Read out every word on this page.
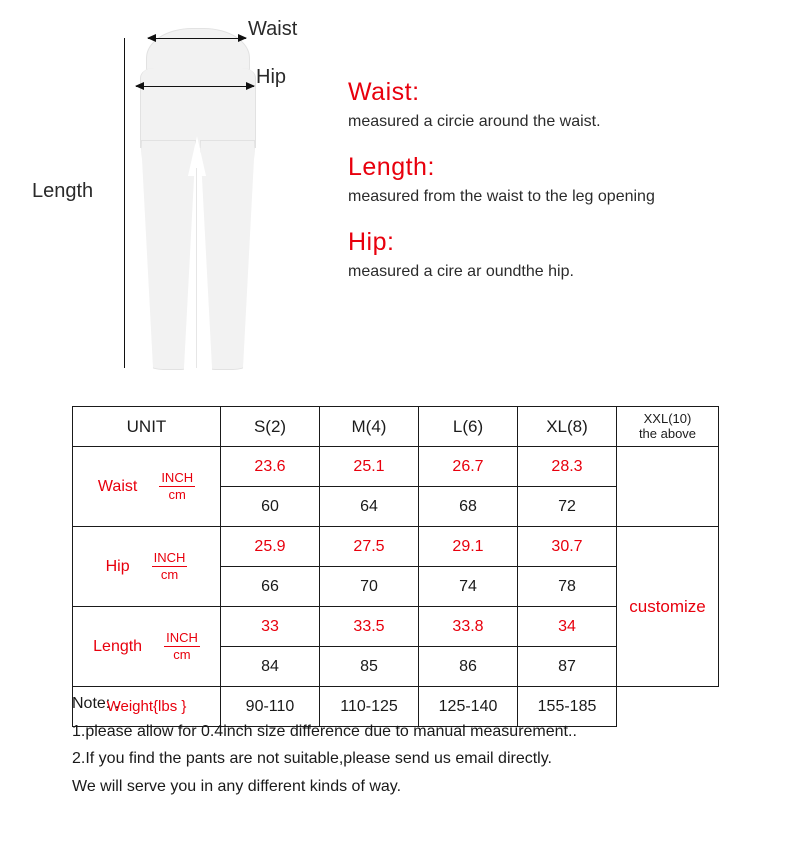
Waist
Hip
Length

Waist:

measured a circie around the waist.

Length:

measured from the waist to the leg opening

Hip:

measured a cire ar oundthe hip.

UNIT	S(2)	M(4)	L(6)	XL(8)	XXL(10)
the above

Waist INCH
cm	23.6	25.1	26.7	28.3	
	60	64	68	72	

Hip INCH
cm	25.9	27.5	29.1	30.7	customize
	66	70	74	78	

Length INCH
cm	33	33.5	33.8	34	
	84	85	86	87	
Weight{lbs }	90-110	110-125	125-140	155-185	
Note: .
1.please allow for 0.4inch size difference due to manual measurement..
2.If you find the pants are not suitable,please send us email directly.
We will serve you in any different kinds of way.
